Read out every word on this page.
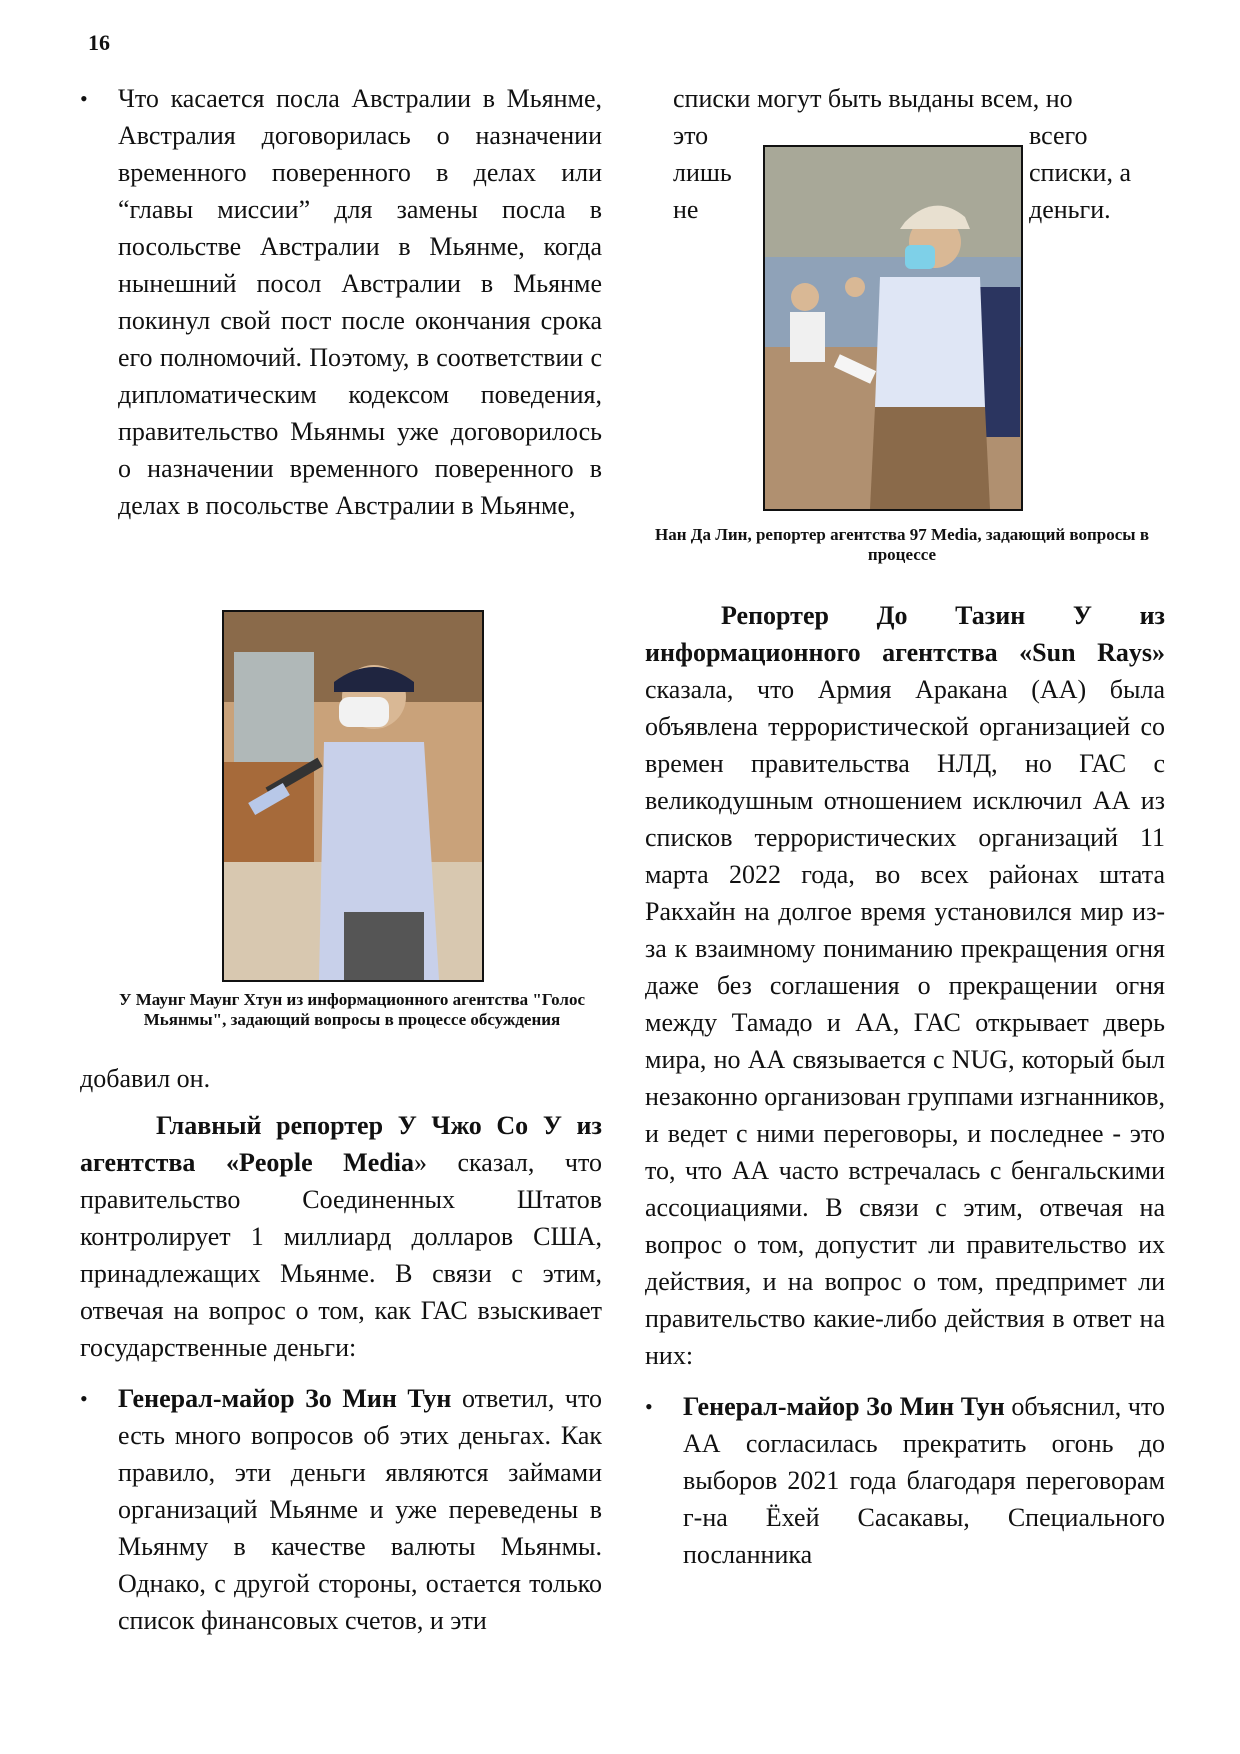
16

• Что касается посла Австралии в Мьянме, Австралия договорилась о назначении временного поверенного в делах или “главы миссии” для замены посла в посольстве Австралии в Мьянме, когда нынешний посол Австралии в Мьянме покинул свой пост после окончания срока его полномочий. Поэтому, в соответствии с дипломатическим кодексом поведения, правительство Мьянмы уже договорилось о назначении временного поверенного в делах в посольстве Австралии в Мьянме,

У Маунг Маунг Хтун из информационного агентства "Голос Мьянмы", задающий вопросы в процессе обсуждения

добавил он.

Главный репортер У Чжо Со У из агентства «People Media» сказал, что правительство Соединенных Штатов контролирует 1 миллиард долларов США, принадлежащих Мьянме. В связи с этим, отвечая на вопрос о том, как ГАС взыскивает государственные деньги:

• Генерал-майор Зо Мин Тун ответил, что есть много вопросов об этих деньгах. Как правило, эти деньги являются займами организаций Мьянме и уже переведены в Мьянму в качестве валюты Мьянмы. Однако, с другой стороны, остается только список финансовых счетов, и эти

списки могут быть выданы всем, но

это
лишь
не
всего
списки, а
деньги.
Нан Да Лин, репортер агентства 97 Media, задающий вопросы в процессе

Репортер До Тазин У из информационного агентства «Sun Rays» сказала, что Армия Аракана (АА) была объявлена террористической организацией со времен правительства НЛД, но ГАС с великодушным отношением исключил АА из списков террористических организаций 11 марта 2022 года, во всех районах штата Ракхайн на долгое время установился мир из-за к взаимному пониманию прекращения огня даже без соглашения о прекращении огня между Тамадо и АА, ГАС открывает дверь мира, но АА связывается с NUG, который был незаконно организован группами изгнанников, и ведет с ними переговоры, и последнее - это то, что АА часто встречалась с бенгальскими ассоциациями. В связи с этим, отвечая на вопрос о том, допустит ли правительство их действия, и на вопрос о том, предпримет ли правительство какие-либо действия в ответ на них:

• Генерал-майор Зо Мин Тун объяснил, что АА согласилась прекратить огонь до выборов 2021 года благодаря переговорам г-на Ёхей Сасакавы, Специального посланника
